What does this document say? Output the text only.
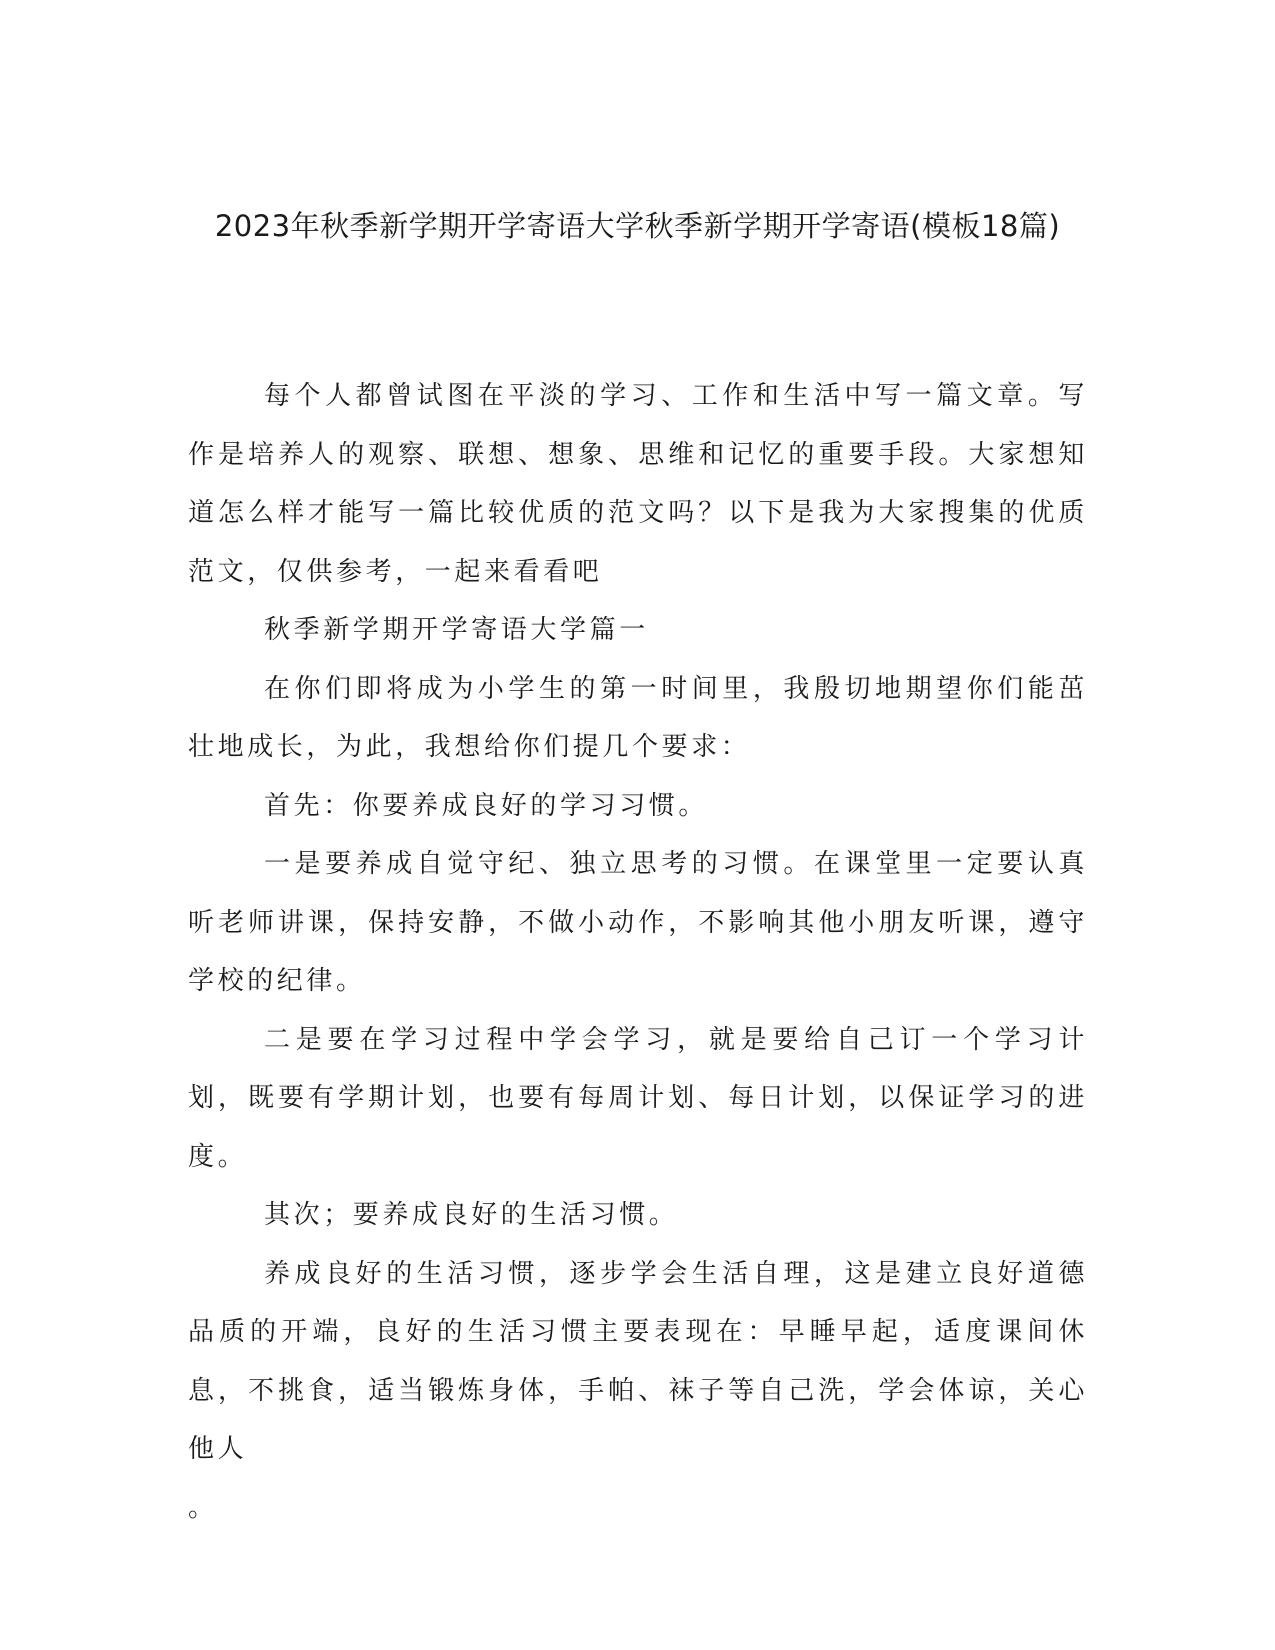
2023年秋季新学期开学寄语大学秋季新学期开学寄语(模板18篇)

每个人都曾试图在平淡的学习、工作和生活中写一篇文章。写作是培养人的观察、联想、想象、思维和记忆的重要手段。大家想知道怎么样才能写一篇比较优质的范文吗？以下是我为大家搜集的优质范文，仅供参考，一起来看看吧

秋季新学期开学寄语大学篇一

在你们即将成为小学生的第一时间里，我殷切地期望你们能茁壮地成长，为此，我想给你们提几个要求：

首先：你要养成良好的学习习惯。

一是要养成自觉守纪、独立思考的习惯。在课堂里一定要认真听老师讲课，保持安静，不做小动作，不影响其他小朋友听课，遵守学校的纪律。

二是要在学习过程中学会学习，就是要给自己订一个学习计划，既要有学期计划，也要有每周计划、每日计划，以保证学习的进度。

其次；要养成良好的生活习惯。

养成良好的生活习惯，逐步学会生活自理，这是建立良好道德品质的开端，良好的生活习惯主要表现在：早睡早起，适度课间休息，不挑食，适当锻炼身体，手帕、袜子等自己洗，学会体谅，关心他人

。
